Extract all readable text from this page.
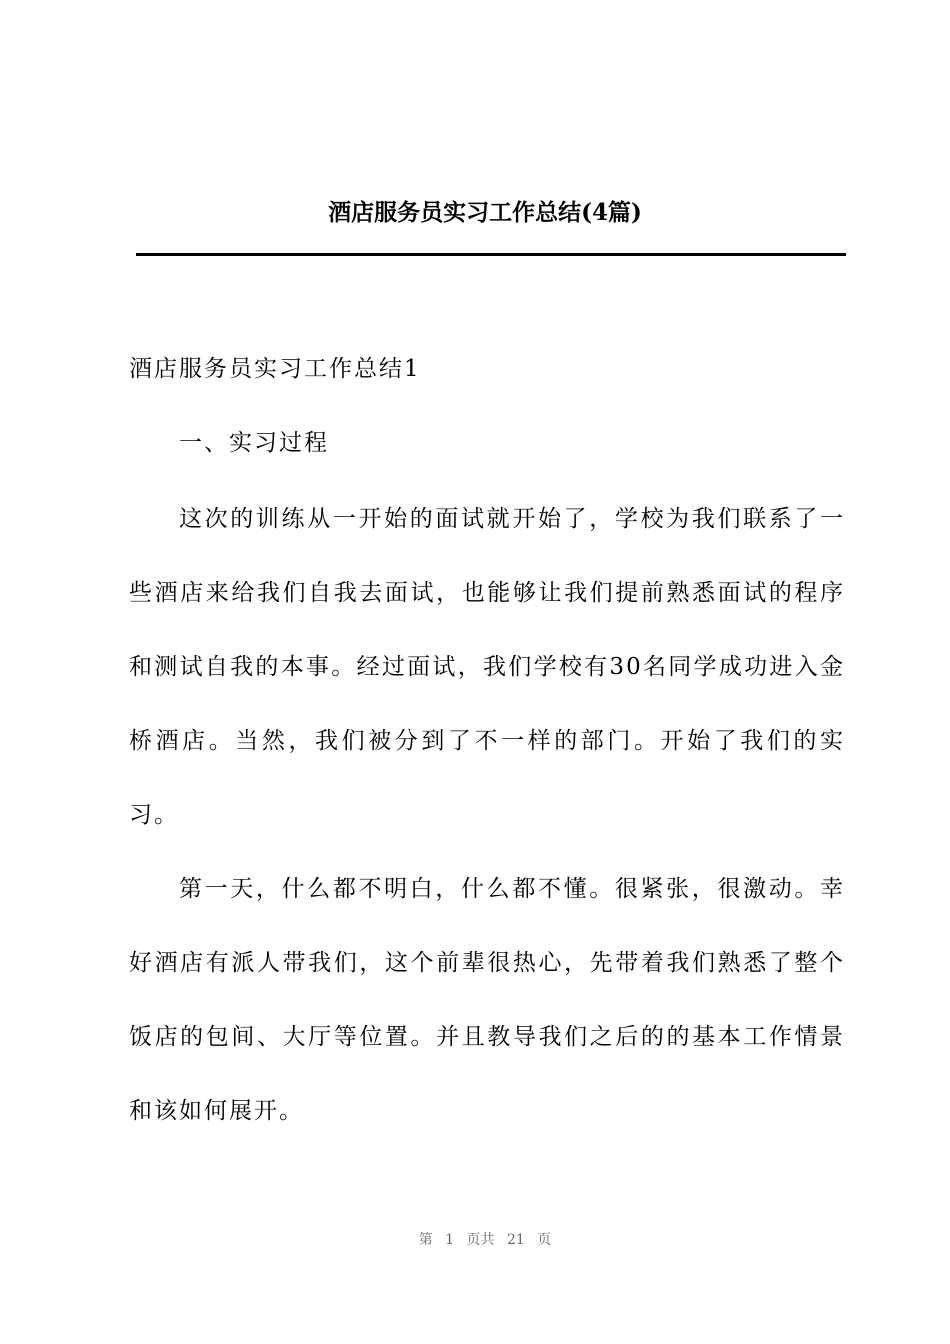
酒店服务员实习工作总结(4篇)
酒店服务员实习工作总结1
一、实习过程
这次的训练从一开始的面试就开始了，学校为我们联系了一些酒店来给我们自我去面试，也能够让我们提前熟悉面试的程序和测试自我的本事。经过面试，我们学校有30名同学成功进入金桥酒店。当然，我们被分到了不一样的部门。开始了我们的实习。
第一天，什么都不明白，什么都不懂。很紧张，很激动。幸好酒店有派人带我们，这个前辈很热心，先带着我们熟悉了整个饭店的包间、大厅等位置。并且教导我们之后的的基本工作情景和该如何展开。
第 1 页共 21 页
